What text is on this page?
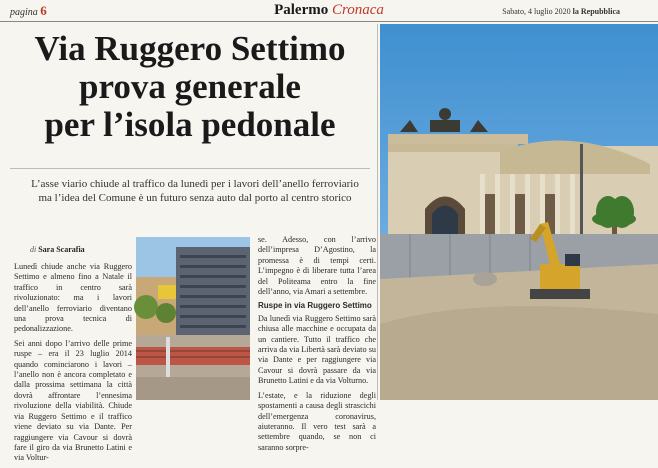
pagina 6	Palermo Cronaca	Sabato, 4 luglio 2020 la Repubblica
Via Ruggero Settimo
prova generale
per l’isola pedonale

L’asse viario chiude al traffico da lunedì per i lavori dell’anello ferroviario ma l’idea del Comune è un futuro senza auto dal porto al centro storico

di Sara Scarafia

Lunedì chiude anche via Ruggero Settimo e almeno fino a Natale il traffico in centro sarà rivoluzionato: ma i lavori dell’anello ferroviario diventano una prova tecnica di pedonalizzazione.

Sei anni dopo l’arrivo delle prime ruspe – era il 23 luglio 2014 quando cominciarono i lavori – l’anello non è ancora completato e dalla prossima settimana la città dovrà affrontare l’ennesima rivoluzione della viabilità. Chiude via Ruggero Settimo e il traffico viene deviato su via Dante. Per raggiungere via Cavour si dovrà fare il giro da via Brunetto Latini e via Voltur-

se. Adesso, con l’arrivo dell’impresa D’Agostino, la promessa è di tempi certi. L’impegno è di liberare tutta l’area del Politeama entro la fine dell’anno, via Amari a settembre.

Ruspe in via Ruggero Settimo

Da lunedì via Ruggero Settimo sarà chiusa alle macchine e occupata da un cantiere. Tutto il traffico che arriva da via Libertà sarà deviato su via Dante e per raggiungere via Cavour si dovrà passare da via Brunetto Latini e da via Volturno.

L’estate, e la riduzione degli spostamenti a causa degli strascichi dell’emergenza coronavirus, aiuteranno. Il vero test sarà a settembre quando, se non ci saranno sorpre-
